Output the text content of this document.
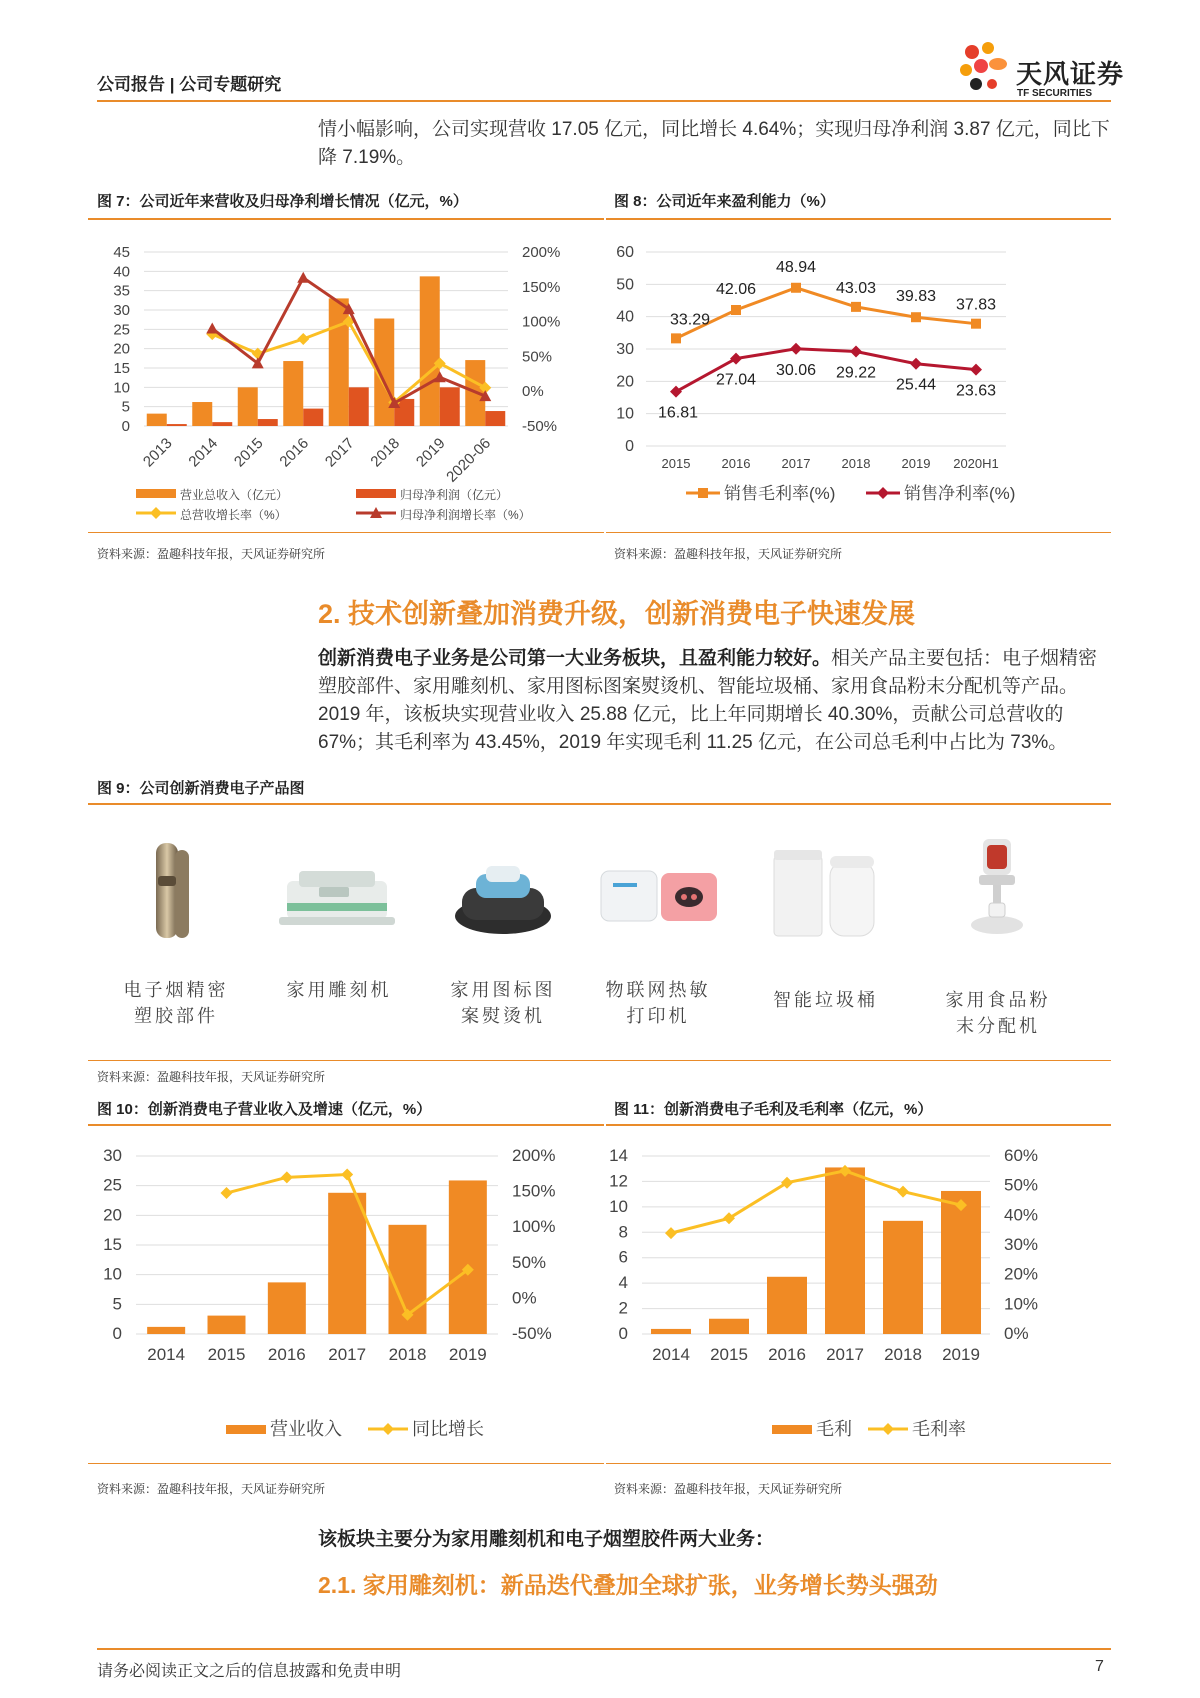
公司报告 | 公司专题研究	天风证券
TF SECURITIES
情小幅影响，公司实现营收 17.05 亿元，同比增长 4.64%；实现归母净利润 3.87 亿元，同比下降 7.19%。
图 7：公司近年来营收及归母净利增长情况（亿元，%）
45
40
35
30
25
20
15
10
5
0
200%
150%
100%
50%
0%
-50%
2013 2014 2015 2016 2017 2018 2019
2020-06
营业总收入（亿元）	归母净利润（亿元）
总营收增长率（%）	归母净利润增长率（%）
资料来源：盈趣科技年报，天风证券研究所
图 8：公司近年来盈利能力（%）
60
50
40
30
20
10
0
2015 2016 2017 2018 2019 2020H1
33.29
42.06
48.94
43.03 39.83 37.83
16.81
27.04
30.06 29.22
25.44 23.63
销售毛利率(%)	销售净利率(%)
资料来源：盈趣科技年报，天风证券研究所
2. 技术创新叠加消费升级，创新消费电子快速发展
创新消费电子业务是公司第一大业务板块，且盈利能力较好。相关产品主要包括：电子烟精密塑胶部件、家用雕刻机、家用图标图案熨烫机、智能垃圾桶、家用食品粉末分配机等产品。2019 年，该板块实现营业收入 25.88 亿元，比上年同期增长 40.30%，贡献公司总营收的 67%；其毛利率为 43.45%，2019 年实现毛利 11.25 亿元，在公司总毛利中占比为 73%。
图 9：公司创新消费电子产品图
电子烟精密
塑胶部件
家用雕刻机	家用图标图
案熨烫机
物联网热敏
打印机
智能垃圾桶	家用食品粉
末分配机
资料来源：盈趣科技年报，天风证券研究所
图 10：创新消费电子营业收入及增速（亿元，%）
30
25
20
15
10
5
0
200%
150%
100%
50%
0%
-50%
2014 2015 2016 2017 2018 2019
营业收入	同比增长
资料来源：盈趣科技年报，天风证券研究所
图 11：创新消费电子毛利及毛利率（亿元，%）
14
12
10
8
6
4
2
0
60%
50%
40%
30%
20%
10%
0%
2014 2015 2016 2017 2018 2019
毛利	毛利率
资料来源：盈趣科技年报，天风证券研究所
该板块主要分为家用雕刻机和电子烟塑胶件两大业务：
2.1. 家用雕刻机：新品迭代叠加全球扩张，业务增长势头强劲
请务必阅读正文之后的信息披露和免责申明	7
